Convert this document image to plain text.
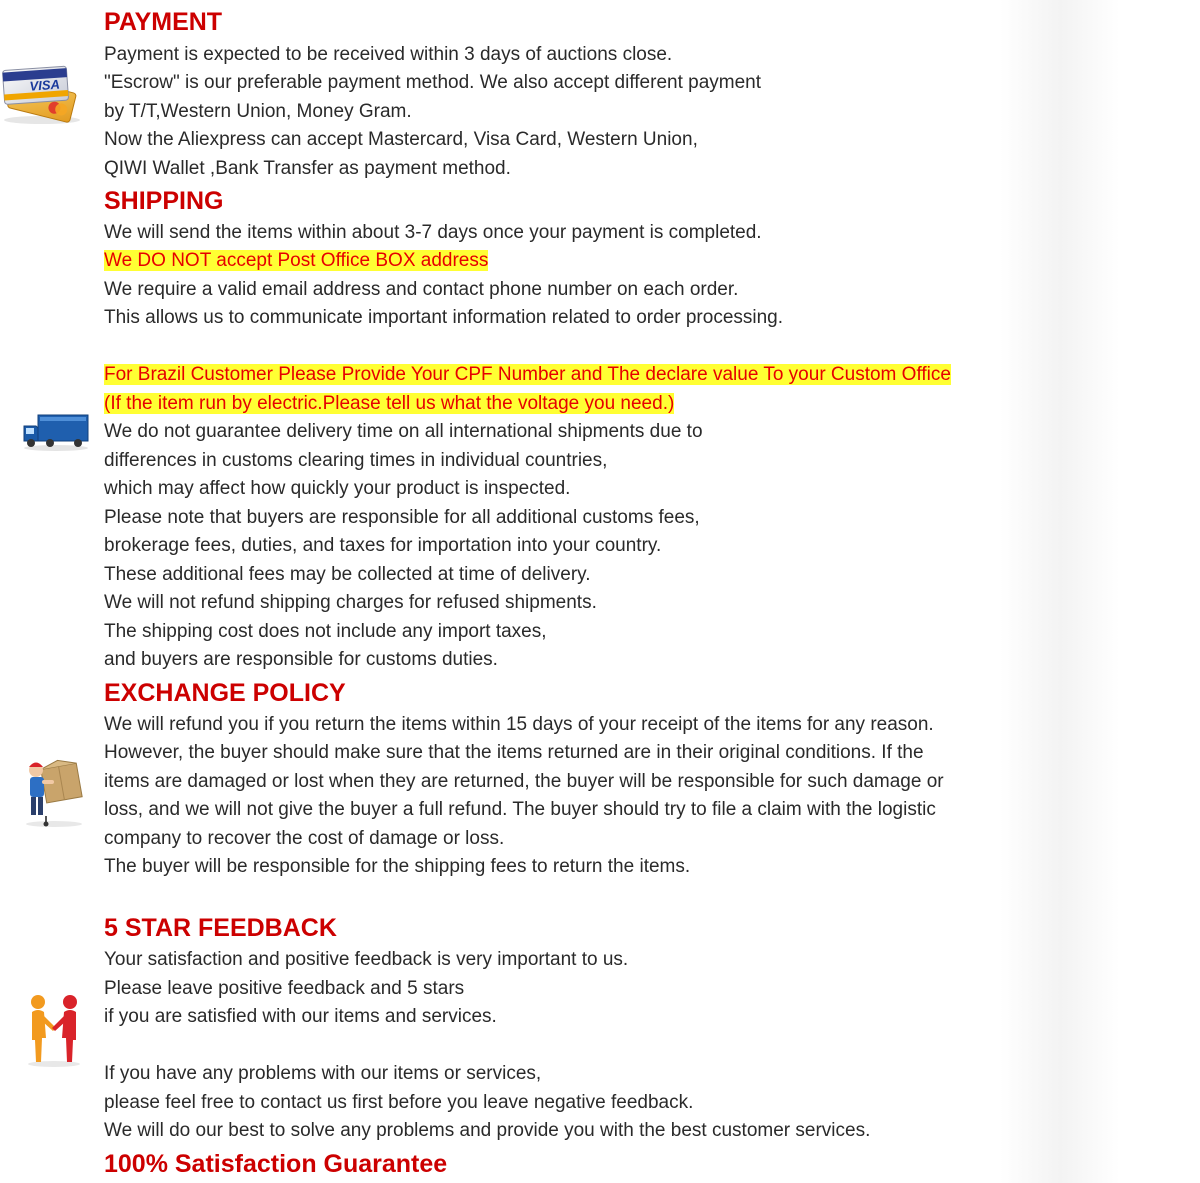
PAYMENT
VISA

Payment is expected to be received within 3 days of auctions close.

"Escrow" is our preferable payment method. We also accept different payment

by T/T,Western Union, Money Gram.

Now the Aliexpress can accept Mastercard, Visa Card, Western Union,

QIWI Wallet ,Bank Transfer as payment method.

SHIPPING

We will send the items within about 3-7 days once your payment is completed.

We DO NOT accept Post Office BOX address

We require a valid email address and contact phone number on each order.

This allows us to communicate important information related to order processing.

For Brazil Customer Please Provide Your CPF Number and The declare value To your Custom Office

(If the item run by electric.Please tell us what the voltage you need.)

We do not guarantee delivery time on all international shipments due to

differences in customs clearing times in individual countries,

which may affect how quickly your product is inspected.

Please note that buyers are responsible for all additional customs fees,

brokerage fees, duties, and taxes for importation into your country.

These additional fees may be collected at time of delivery.

We will not refund shipping charges for refused shipments.

The shipping cost does not include any import taxes,

and buyers are responsible for customs duties.

EXCHANGE POLICY

We will refund you if you return the items within 15 days of your receipt of the items for any reason.

However, the buyer should make sure that the items returned are in their original conditions. If the

items are damaged or lost when they are returned, the buyer will be responsible for such damage or

loss, and we will not give the buyer a full refund. The buyer should try to file a claim with the logistic

company to recover the cost of damage or loss.

The buyer will be responsible for the shipping fees to return the items.

5 STAR FEEDBACK

Your satisfaction and positive feedback is very important to us.

Please leave positive feedback and 5 stars

if you are satisfied with our items and services.

If you have any problems with our items or services,

please feel free to contact us first before you leave negative feedback.

We will do our best to solve any problems and provide you with the best customer services.

100% Satisfaction Guarantee
